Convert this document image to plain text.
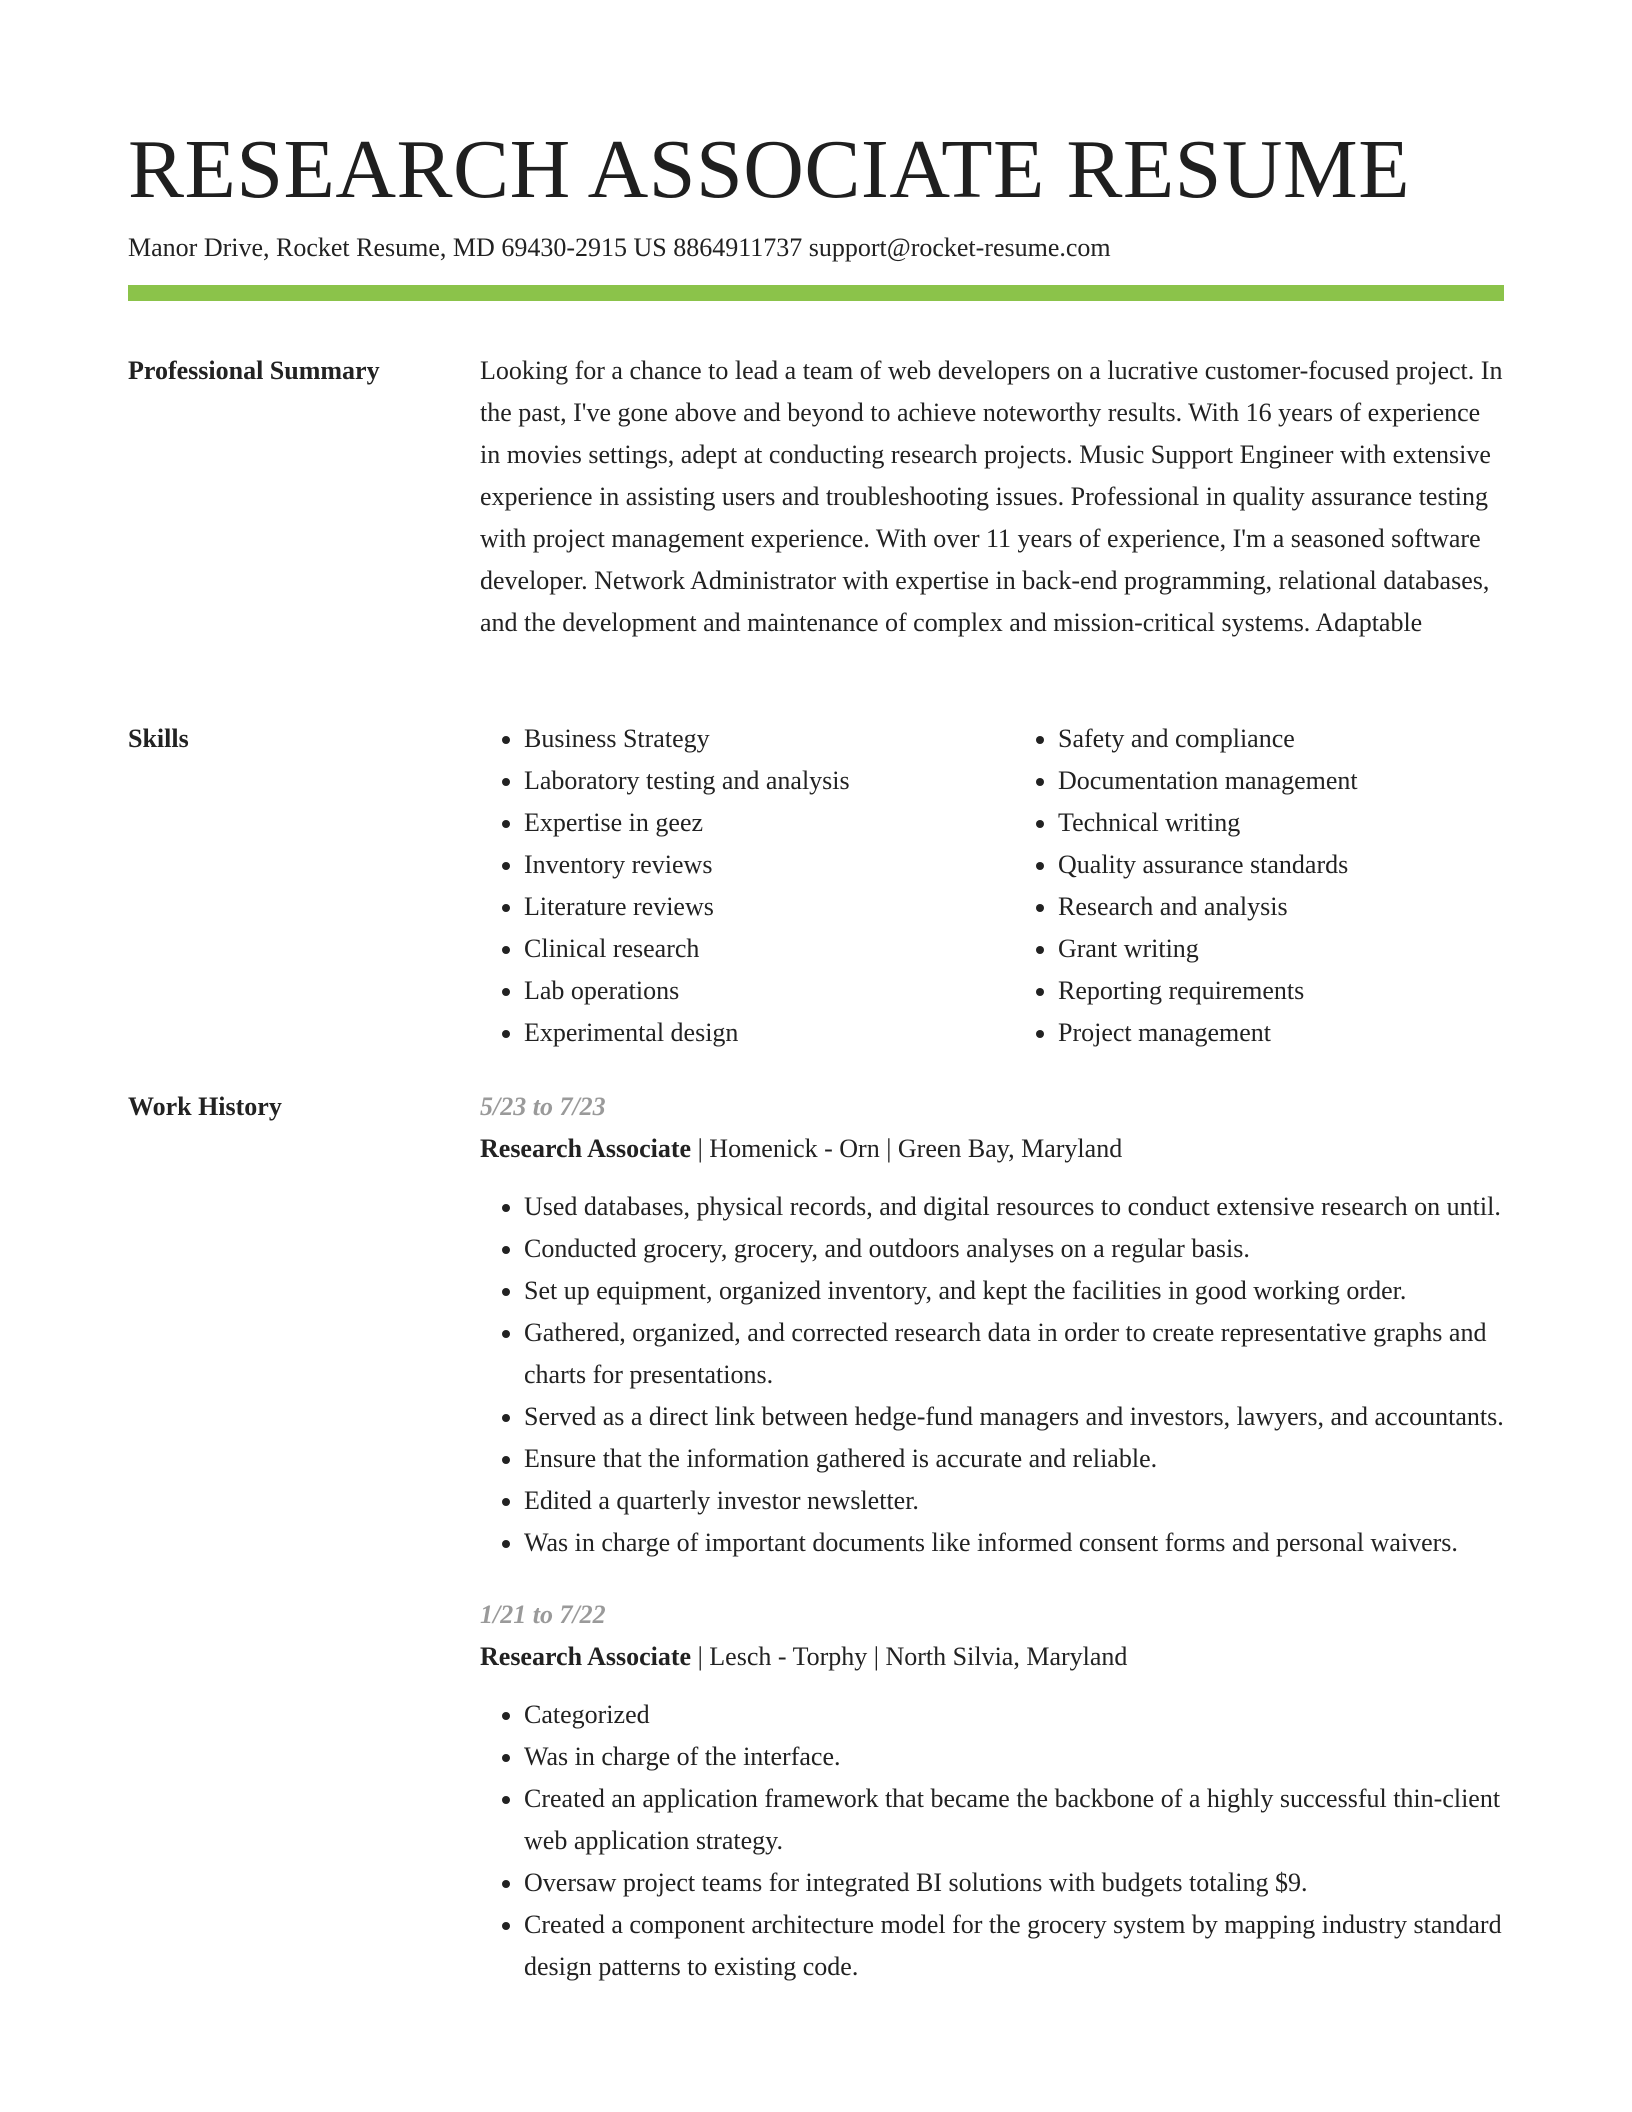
RESEARCH ASSOCIATE RESUME
Manor Drive, Rocket Resume, MD 69430-2915 US 8864911737 support@rocket-resume.com
Professional Summary	Looking for a chance to lead a team of web developers on a lucrative customer-focused project. In the past, I've gone above and beyond to achieve noteworthy results. With 16 years of experience in movies settings, adept at conducting research projects. Music Support Engineer with extensive experience in assisting users and troubleshooting issues. Professional in quality assurance testing with project management experience. With over 11 years of experience, I'm a seasoned software developer. Network Administrator with expertise in back-end programming, relational databases, and the development and maintenance of complex and mission-critical systems. Adaptable

Skills
•	Business Strategy
• Laboratory testing and analysis
• Expertise in geez
• Inventory reviews
• Literature reviews
• Clinical research
• Lab operations
• Experimental design
• Safety and compliance
• Documentation management
• Technical writing
• Quality assurance standards
• Research and analysis
• Grant writing
• Reporting requirements
• Project management
Work History	5/23 to 7/23
Research Associate | Homenick - Orn | Green Bay, Maryland
• Used databases, physical records, and digital resources to conduct extensive research on until.
• Conducted grocery, grocery, and outdoors analyses on a regular basis.
• Set up equipment, organized inventory, and kept the facilities in good working order.
• Gathered, organized, and corrected research data in order to create representative graphs and charts for presentations.
• Served as a direct link between hedge-fund managers and investors, lawyers, and accountants.
• Ensure that the information gathered is accurate and reliable.
• Edited a quarterly investor newsletter.
• Was in charge of important documents like informed consent forms and personal waivers.
1/21 to 7/22
Research Associate | Lesch - Torphy | North Silvia, Maryland
• Categorized
• Was in charge of the interface.
• Created an application framework that became the backbone of a highly successful thin-client web application strategy.
• Oversaw project teams for integrated BI solutions with budgets totaling $9.
• Created a component architecture model for the grocery system by mapping industry standard design patterns to existing code.
